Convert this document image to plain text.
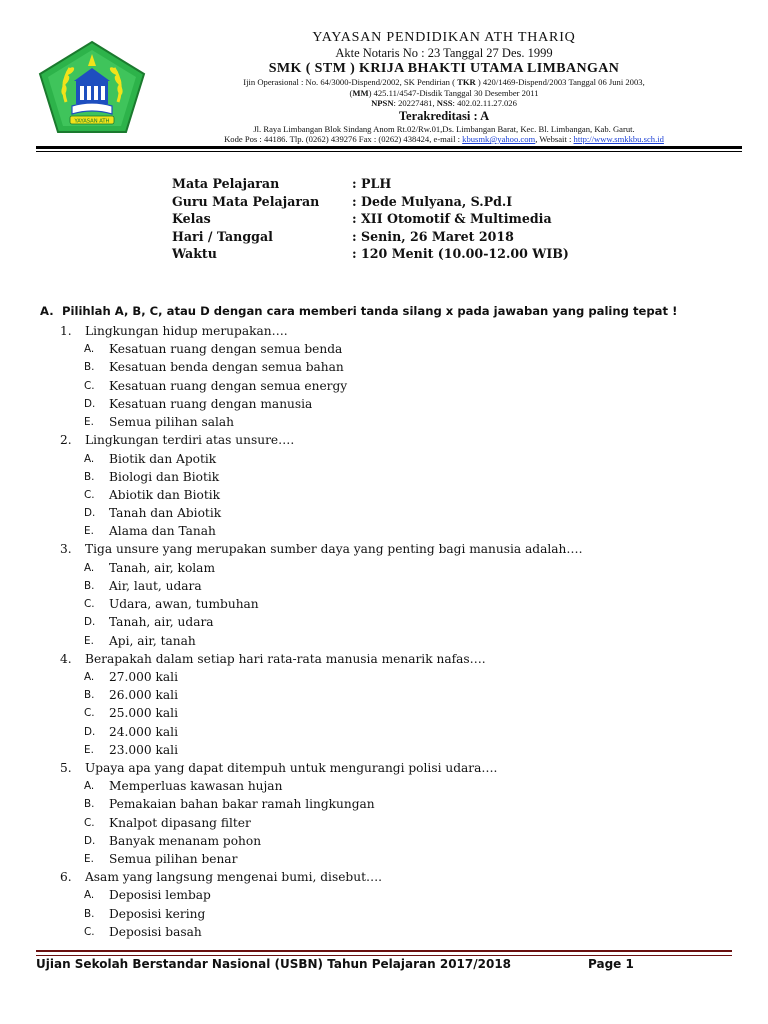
YAYASAN ATH
YAYASAN PENDIDIKAN ATH THARIQ
Akte Notaris No : 23 Tanggal 27 Des. 1999
SMK ( STM ) KRIJA BHAKTI UTAMA LIMBANGAN
Ijin Operasional : No. 64/3000-Dispend/2002, SK Pendirian ( TKR ) 420/1469-Dispend/2003 Tanggal 06 Juni 2003,
(MM) 425.11/4547-Disdik Tanggal 30 Desember 2011
NPSN: 20227481, NSS: 402.02.11.27.026
Terakreditasi : A
Jl. Raya Limbangan Blok Sindang Anom Rt.02/Rw.01,Ds. Limbangan Barat, Kec. Bl. Limbangan, Kab. Garut.
Kode Pos : 44186. Tlp. (0262) 439276 Fax : (0262) 438424, e-mail : kbusmk@yahoo.com, Websait : http://www.smkkbu.sch.id
Mata Pelajaran	: PLH
Guru Mata Pelajaran	: Dede Mulyana, S.Pd.I
Kelas	: XII Otomotif & Multimedia
Hari / Tanggal	: Senin, 26 Maret 2018
Waktu	: 120 Menit (10.00-12.00 WIB)
A. Pilihlah A, B, C, atau D dengan cara memberi tanda silang x pada jawaban yang paling tepat !
1.	Lingkungan hidup merupakan….
A. Kesatuan ruang dengan semua benda
B. Kesatuan benda dengan semua bahan
C. Kesatuan ruang dengan semua energy
D. Kesatuan ruang dengan manusia
E. Semua pilihan salah
2.	Lingkungan terdiri atas unsure….
A. Biotik dan Apotik
B. Biologi dan Biotik
C. Abiotik dan Biotik
D. Tanah dan Abiotik
E. Alama dan Tanah
3.	Tiga unsure yang merupakan sumber daya yang penting bagi manusia adalah….
A. Tanah, air, kolam
B. Air, laut, udara
C. Udara, awan, tumbuhan
D. Tanah, air, udara
E. Api, air, tanah
4.	Berapakah dalam setiap hari rata-rata manusia menarik nafas….
A. 27.000 kali
B. 26.000 kali
C. 25.000 kali
D. 24.000 kali
E. 23.000 kali
5.	Upaya apa yang dapat ditempuh untuk mengurangi polisi udara….
A. Memperluas kawasan hujan
B. Pemakaian bahan bakar ramah lingkungan
C. Knalpot dipasang filter
D. Banyak menanam pohon
E. Semua pilihan benar
6.	Asam yang langsung mengenai bumi, disebut….
A. Deposisi lembap
B. Deposisi kering
C. Deposisi basah
Ujian Sekolah Berstandar Nasional (USBN) Tahun Pelajaran 2017/2018	Page 1
